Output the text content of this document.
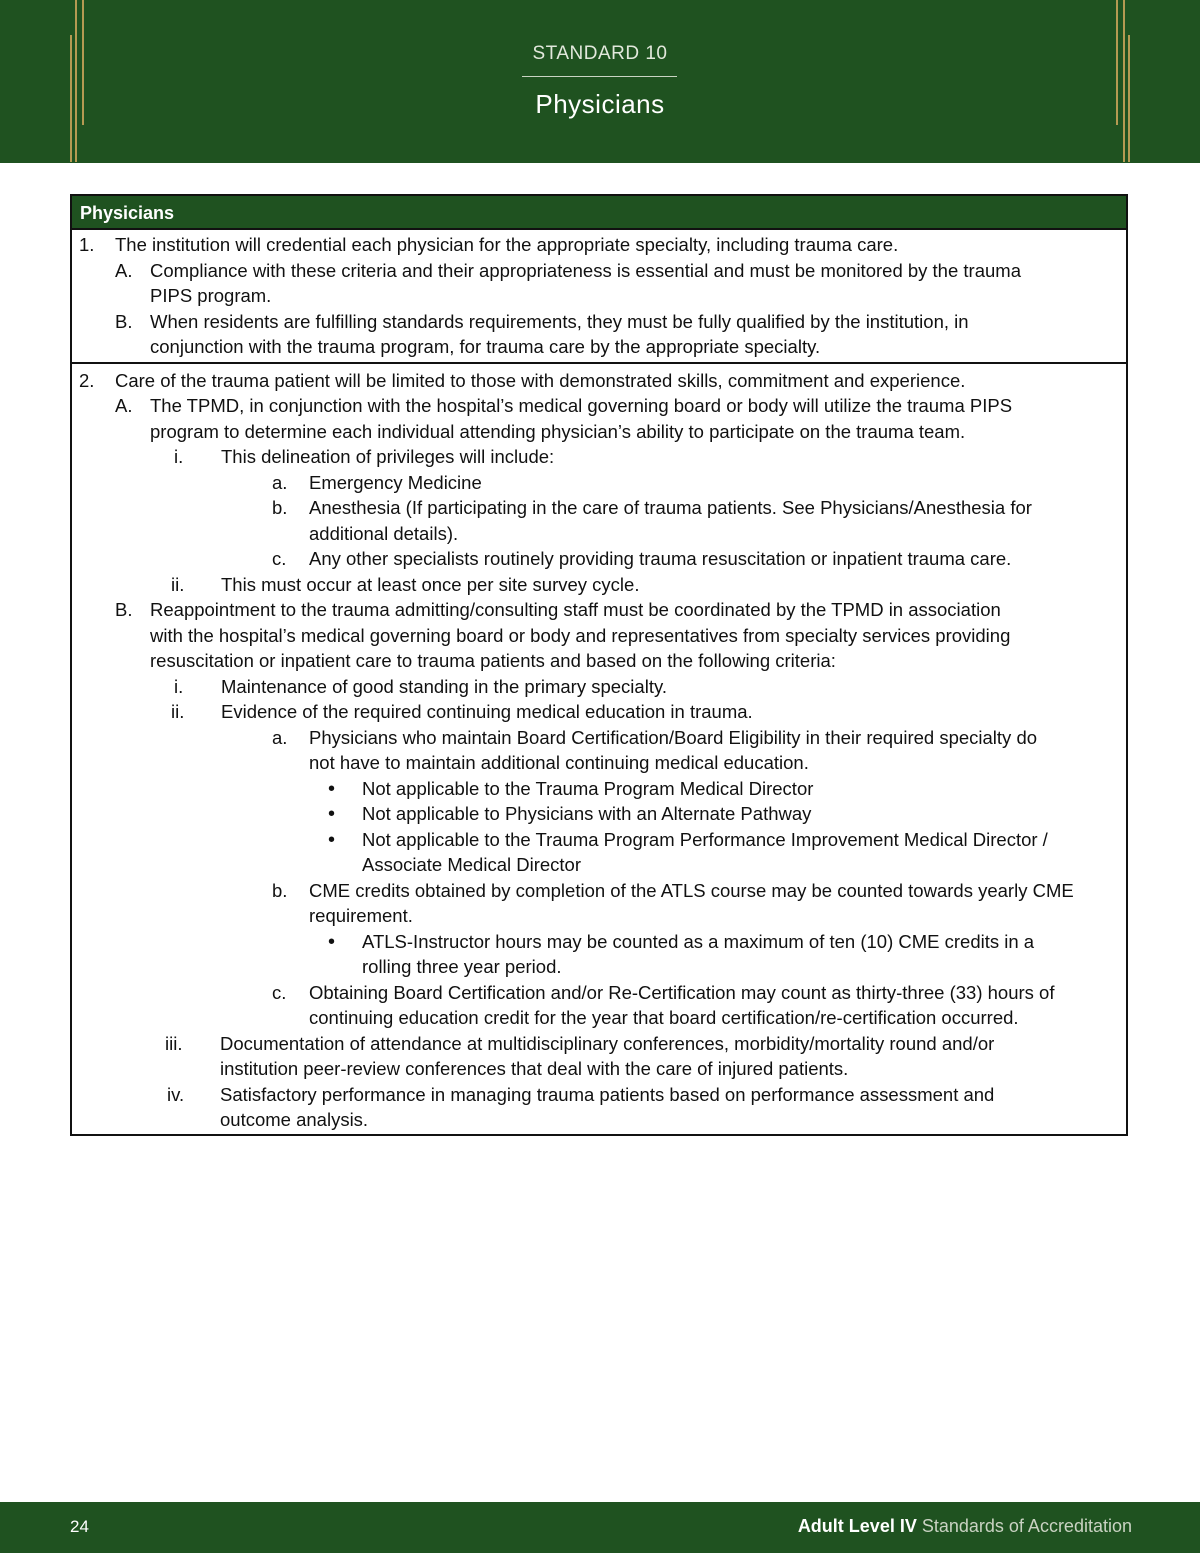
STANDARD 10
Physicians
Physicians
1. The institution will credential each physician for the appropriate specialty, including trauma care.
A. Compliance with these criteria and their appropriateness is essential and must be monitored by the trauma
PIPS program.
B. When residents are fulfilling standards requirements, they must be fully qualified by the institution, in
conjunction with the trauma program, for trauma care by the appropriate specialty.
2. Care of the trauma patient will be limited to those with demonstrated skills, commitment and experience.
A. The TPMD, in conjunction with the hospital’s medical governing board or body will utilize the trauma PIPS
program to determine each individual attending physician’s ability to participate on the trauma team.
i. This delineation of privileges will include:
a. Emergency Medicine
b. Anesthesia (If participating in the care of trauma patients. See Physicians/Anesthesia for
additional details).
c. Any other specialists routinely providing trauma resuscitation or inpatient trauma care.
ii. This must occur at least once per site survey cycle.
B. Reappointment to the trauma admitting/consulting staff must be coordinated by the TPMD in association
with the hospital’s medical governing board or body and representatives from specialty services providing
resuscitation or inpatient care to trauma patients and based on the following criteria:
i. Maintenance of good standing in the primary specialty.
ii. Evidence of the required continuing medical education in trauma.
a. Physicians who maintain Board Certification/Board Eligibility in their required specialty do
not have to maintain additional continuing medical education.
• Not applicable to the Trauma Program Medical Director
• Not applicable to Physicians with an Alternate Pathway
• Not applicable to the Trauma Program Performance Improvement Medical Director /
Associate Medical Director
b. CME credits obtained by completion of the ATLS course may be counted towards yearly CME
requirement.
• ATLS-Instructor hours may be counted as a maximum of ten (10) CME credits in a
rolling three year period.
c. Obtaining Board Certification and/or Re-Certification may count as thirty-three (33) hours of
continuing education credit for the year that board certification/re-certification occurred.
iii. Documentation of attendance at multidisciplinary conferences, morbidity/mortality round and/or
institution peer-review conferences that deal with the care of injured patients.
iv. Satisfactory performance in managing trauma patients based on performance assessment and
outcome analysis.
24	Adult Level IV Standards of Accreditation
